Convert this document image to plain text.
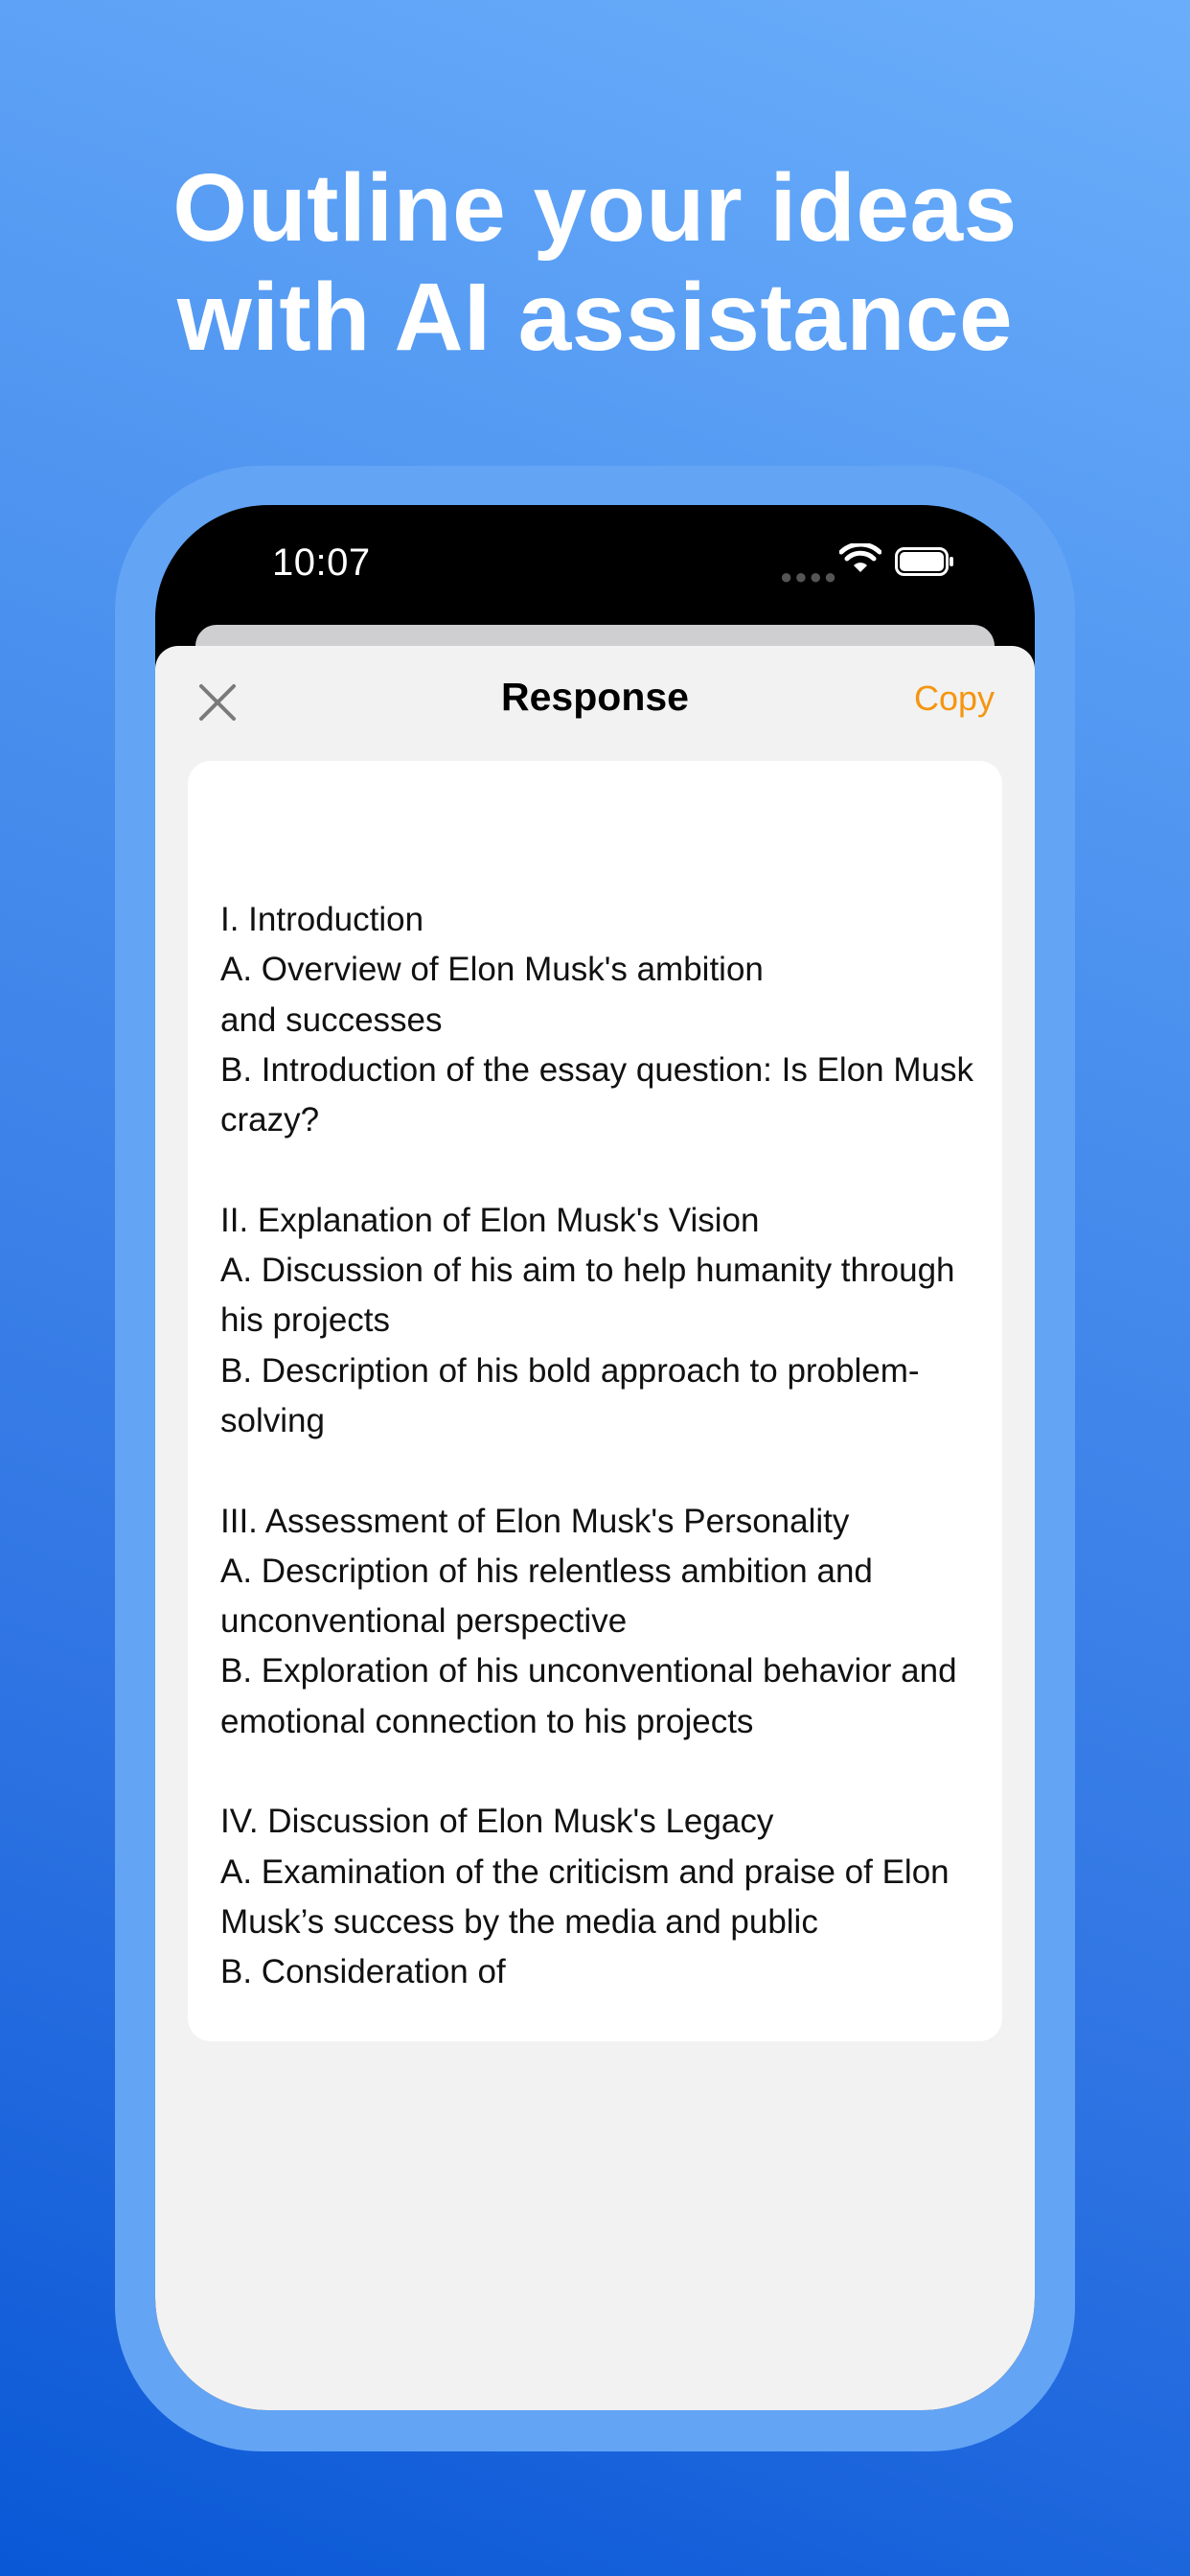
Outline your ideas
with AI assistance
10:07	●●●●
Response	Copy
I. Introduction
A. Overview of Elon Musk's ambition
and successes
B. Introduction of the essay question: Is Elon Musk crazy?

II. Explanation of Elon Musk's Vision
A. Discussion of his aim to help humanity through his projects
B. Description of his bold approach to problem-solving

III. Assessment of Elon Musk's Personality
A. Description of his relentless ambition and unconventional perspective
B. Exploration of his unconventional behavior and emotional connection to his projects

IV. Discussion of Elon Musk's Legacy
A. Examination of the criticism and praise of Elon Musk’s success by the media and public
B. Consideration of
